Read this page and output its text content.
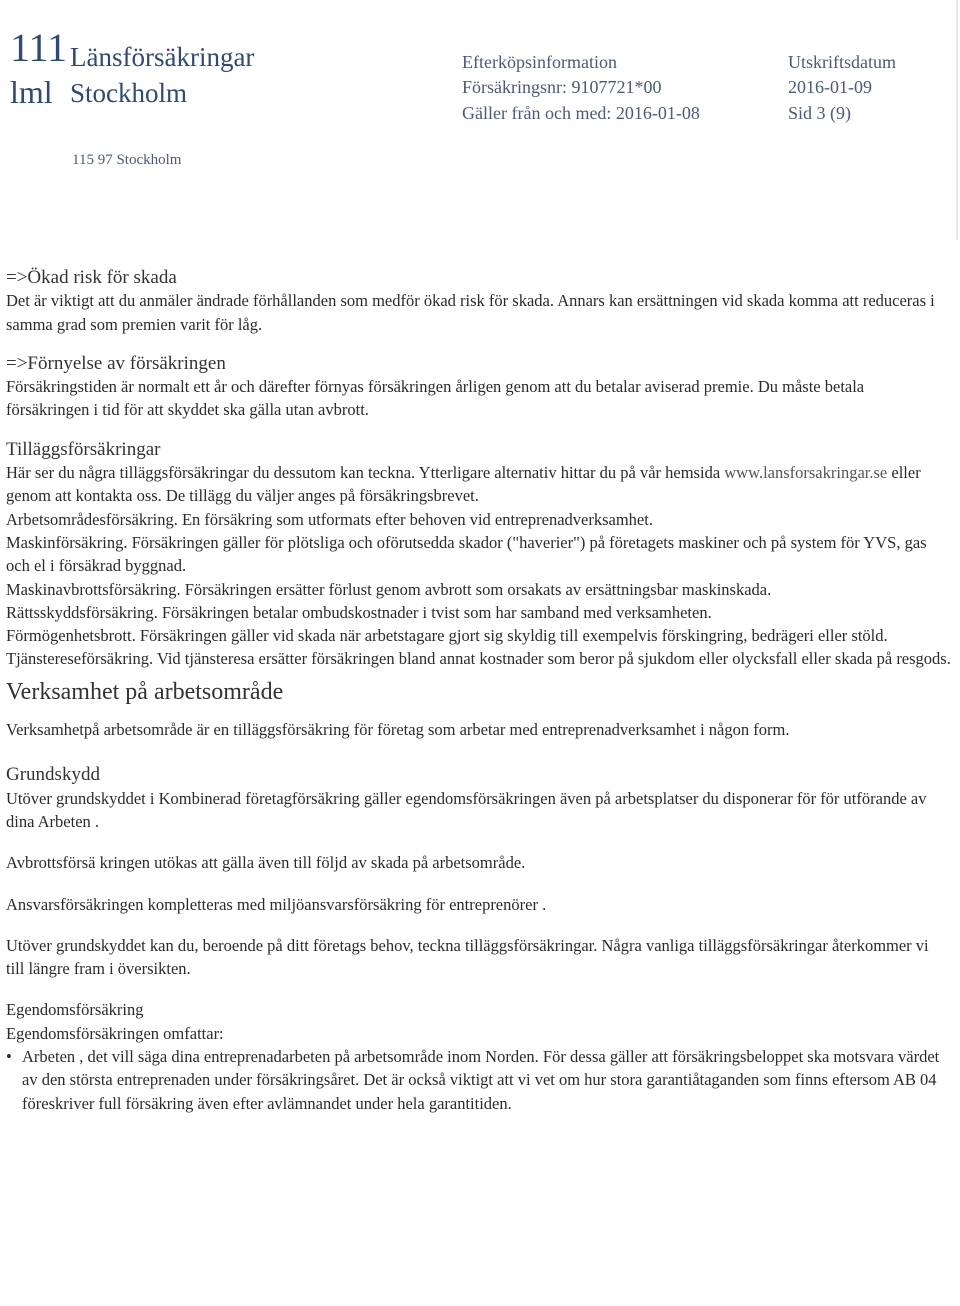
111
lml
Länsförsäkringar
Stockholm
Efterköpsinformation
Försäkringsnr: 9107721*00
Gäller från och med: 2016-01-08
Utskriftsdatum
2016-01-09
Sid 3 (9)
115 97 Stockholm

=>Ökad risk för skada

Det är viktigt att du anmäler ändrade förhållanden som medför ökad risk för skada. Annars kan ersättningen vid skada komma att reduceras i samma grad som premien varit för låg.

=>Förnyelse av försäkringen

Försäkringstiden är normalt ett år och därefter förnyas försäkringen årligen genom att du betalar aviserad premie. Du måste betala försäkringen i tid för att skyddet ska gälla utan avbrott.

Tilläggsförsäkringar

Här ser du några tilläggsförsäkringar du dessutom kan teckna. Ytterligare alternativ hittar du på vår hemsida www.lansforsakringar.se eller genom att kontakta oss. De tillägg du väljer anges på försäkringsbrevet.

Arbetsområdesförsäkring. En försäkring som utformats efter behoven vid entreprenadverksamhet.

Maskinförsäkring. Försäkringen gäller för plötsliga och oförutsedda skador ("haverier") på företagets maskiner och på system för YVS, gas och el i försäkrad byggnad.

Maskinavbrottsförsäkring. Försäkringen ersätter förlust genom avbrott som orsakats av ersättningsbar maskinskada.

Rättsskyddsförsäkring. Försäkringen betalar ombudskostnader i tvist som har samband med verksamheten.

Förmögenhetsbrott. Försäkringen gäller vid skada när arbetstagare gjort sig skyldig till exempelvis förskingring, bedrägeri eller stöld.

Tjänstereseförsäkring. Vid tjänsteresa ersätter försäkringen bland annat kostnader som beror på sjukdom eller olycksfall eller skada på resgods.

Verksamhet på arbetsområde

Verksamhetpå arbetsområde är en tilläggsförsäkring för företag som arbetar med entreprenadverksamhet i någon form.

Grundskydd

Utöver grundskyddet i Kombinerad företagförsäkring gäller egendomsförsäkringen även på arbetsplatser du disponerar för för utförande av dina Arbeten .

Avbrottsförsä kringen utökas att gälla även till följd av skada på arbetsområde.

Ansvarsförsäkringen kompletteras med miljöansvarsförsäkring för entreprenörer .

Utöver grundskyddet kan du, beroende på ditt företags behov, teckna tilläggsförsäkringar. Några vanliga tilläggsförsäkringar återkommer vi till längre fram i översikten.

Egendomsförsäkring

Egendomsförsäkringen omfattar:

• Arbeten , det vill säga dina entreprenadarbeten på arbetsområde inom Norden. För dessa gäller att försäkringsbeloppet ska motsvara värdet av den största entreprenaden under försäkringsåret. Det är också viktigt att vi vet om hur stora garantiåtaganden som finns eftersom AB 04 föreskriver full försäkring även efter avlämnandet under hela garantitiden.
